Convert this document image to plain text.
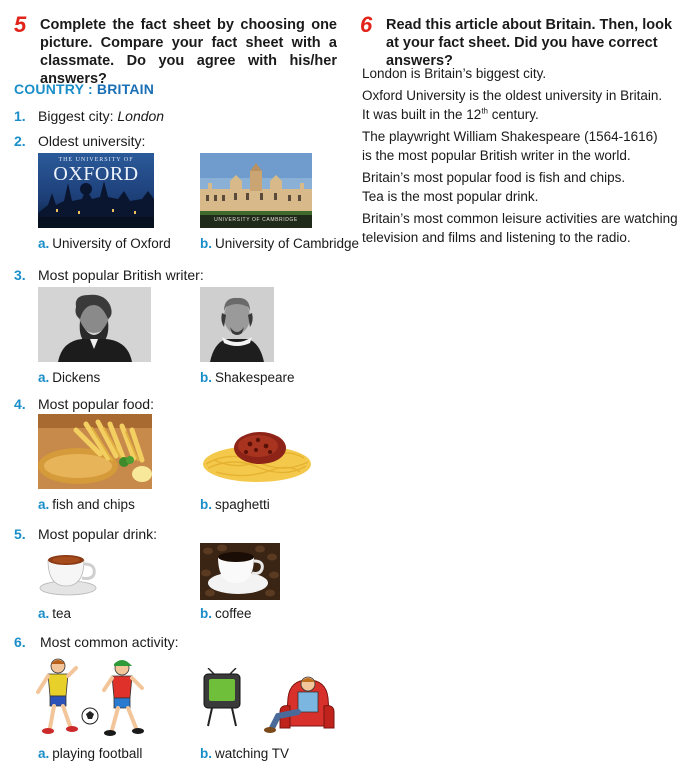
5 Complete the fact sheet by choosing one picture. Compare your fact sheet with a classmate. Do you agree with his/her answers?
6 Read this article about Britain. Then, look at your fact sheet. Did you have correct answers?
COUNTRY : BRITAIN
1. Biggest city: London
2. Oldest university:
THE UNIVERSITY OF
OXFORD
UNIVERSITY OF CAMBRIDGE
a. University of Oxford b. University of Cambridge
3. Most popular British writer:
a. Dickens	b. Shakespeare
4. Most popular food:
a. fish and chips	b. spaghetti
5. Most popular drink:
a. tea	b. coffee
6. Most common activity:
a. playing football	b. watching TV

London is Britain’s biggest city.

Oxford University is the oldest university in Britain.

It was built in the 12th century.

The playwright William Shakespeare (1564-1616)

is the most popular British writer in the world.

Britain’s most popular food is fish and chips.

Tea is the most popular drink.

Britain’s most common leisure activities are watching

television and films and listening to the radio.
